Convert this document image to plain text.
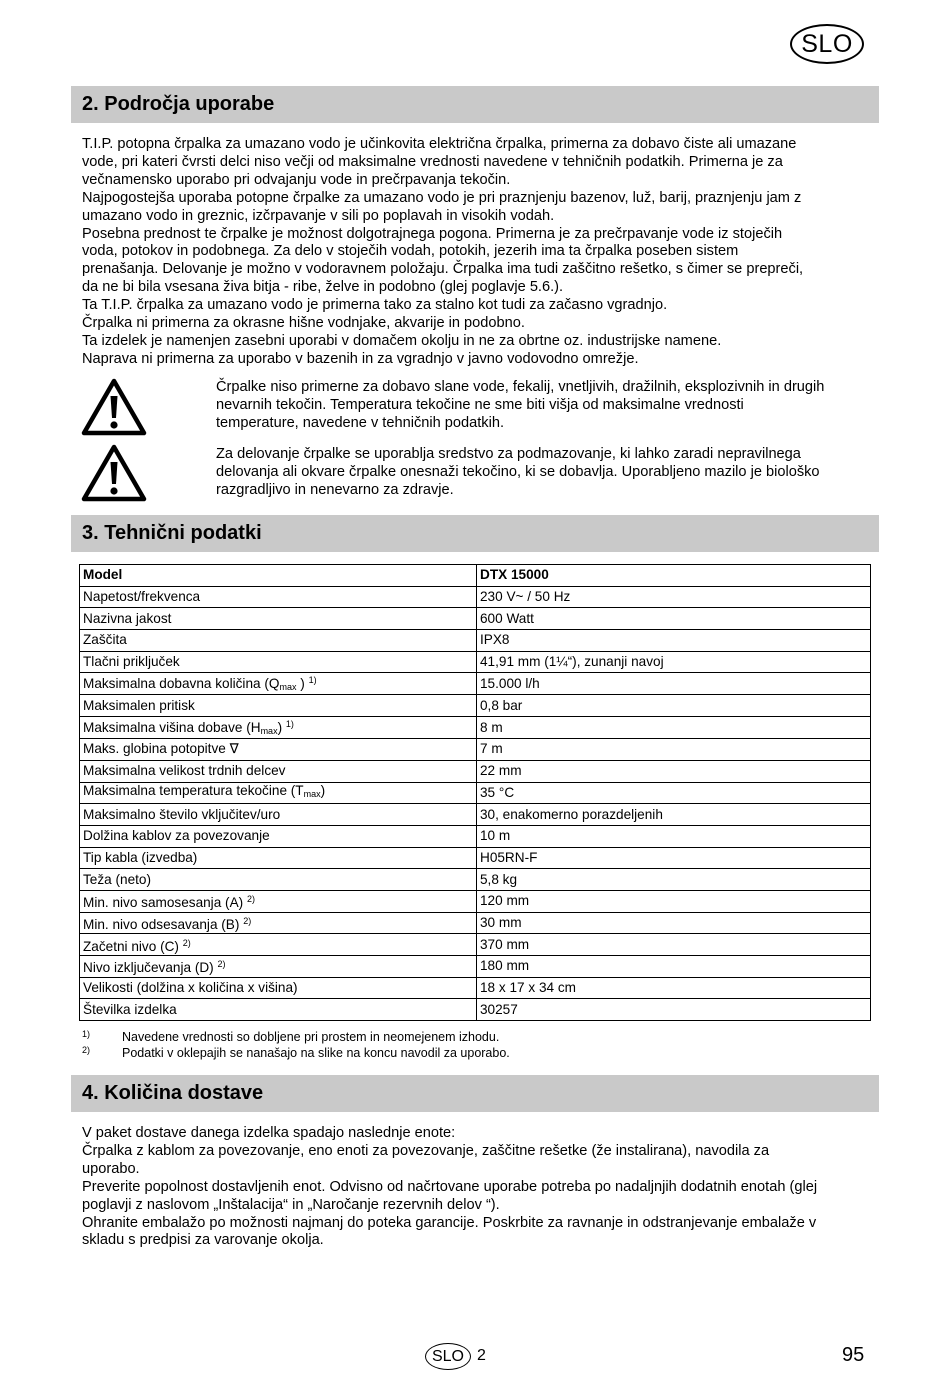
SLO
2. Področja uporabe
T.I.P. potopna črpalka za umazano vodo je učinkovita električna črpalka, primerna za dobavo čiste ali umazane
vode, pri kateri čvrsti delci niso večji od maksimalne vrednosti navedene v tehničnih podatkih. Primerna je za
večnamensko uporabo pri odvajanju vode in prečrpavanja tekočin.
Najpogostejša uporaba potopne črpalke za umazano vodo je pri praznjenju bazenov, luž, barij, praznjenju jam z
umazano vodo in greznic, izčrpavanje v sili po poplavah in visokih vodah.
Posebna prednost te črpalke je možnost dolgotrajnega pogona. Primerna je za prečrpavanje vode iz stoječih
voda, potokov in podobnega. Za delo v stoječih vodah, potokih, jezerih ima ta črpalka poseben sistem
prenašanja. Delovanje je možno v vodoravnem položaju. Črpalka ima tudi zaščitno rešetko, s čimer se prepreči,
da ne bi bila vsesana živa bitja - ribe, želve in podobno (glej poglavje 5.6.).
Ta T.I.P. črpalka za umazano vodo je primerna tako za stalno kot tudi za začasno vgradnjo.
Črpalka ni primerna za okrasne hišne vodnjake, akvarije in podobno.
Ta izdelek je namenjen zasebni uporabi v domačem okolju in ne za obrtne oz. industrijske namene.
Naprava ni primerna za uporabo v bazenih in za vgradnjo v javno vodovodno omrežje.
Črpalke niso primerne za dobavo slane vode, fekalij, vnetljivih, dražilnih, eksplozivnih in drugih
nevarnih tekočin. Temperatura tekočine ne sme biti višja od maksimalne vrednosti
temperature, navedene v tehničnih podatkih.
Za delovanje črpalke se uporablja sredstvo za podmazovanje, ki lahko zaradi nepravilnega
delovanja ali okvare črpalke onesnaži tekočino, ki se dobavlja. Uporabljeno mazilo je biološko
razgradljivo in nenevarno za zdravje.
3. Tehnični podatki
Model	DTX 15000
Napetost/frekvenca	230 V~ / 50 Hz
Nazivna jakost	600 Watt
Zaščita	IPX8
Tlačni priključek	41,91 mm (1¼“), zunanji navoj
Maksimalna dobavna količina ($Q_{max}$ ) $^{1)}$	15.000 l/h
Maksimalen pritisk	0,8 bar
Maksimalna višina dobave $(H_{max})$ $^{1)}$	8 m
Maks. globina potopitve ∇	7 m
Maksimalna velikost trdnih delcev	22 mm
Maksimalna temperatura tekočine $(T_{max})$	35 °C
Maksimalno število vključitev/uro	30, enakomerno porazdeljenih
Dolžina kablov za povezovanje	10 m
Tip kabla (izvedba)	H05RN-F
Teža (neto)	5,8 kg
Min. nivo samosesanja (A) $^{2)}$	120 mm
Min. nivo odsesavanja (B) $^{2)}$	30 mm
Začetni nivo (C) $^{2)}$	370 mm
Nivo izključevanja (D) $^{2)}$	180 mm
Velikosti (dolžina x količina x višina)	18 x 17 x 34 cm
Številka izdelka	30257
1)	Navedene vrednosti so dobljene pri prostem in neomejenem izhodu.
2)	Podatki v oklepajih se nanašajo na slike na koncu navodil za uporabo.
4. Količina dostave
V paket dostave danega izdelka spadajo naslednje enote:
Črpalka z kablom za povezovanje, eno enoti za povezovanje, zaščitne rešetke (že instalirana), navodila za
uporabo.
Preverite popolnost dostavljenih enot. Odvisno od načrtovane uporabe potreba po nadaljnjih dodatnih enotah (glej
poglavji z naslovom „Inštalacija“ in „Naročanje rezervnih delov “).
Ohranite embalažo po možnosti najmanj do poteka garancije. Poskrbite za ravnanje in odstranjevanje embalaže v
skladu s predpisi za varovanje okolja.
SLO 2	95
